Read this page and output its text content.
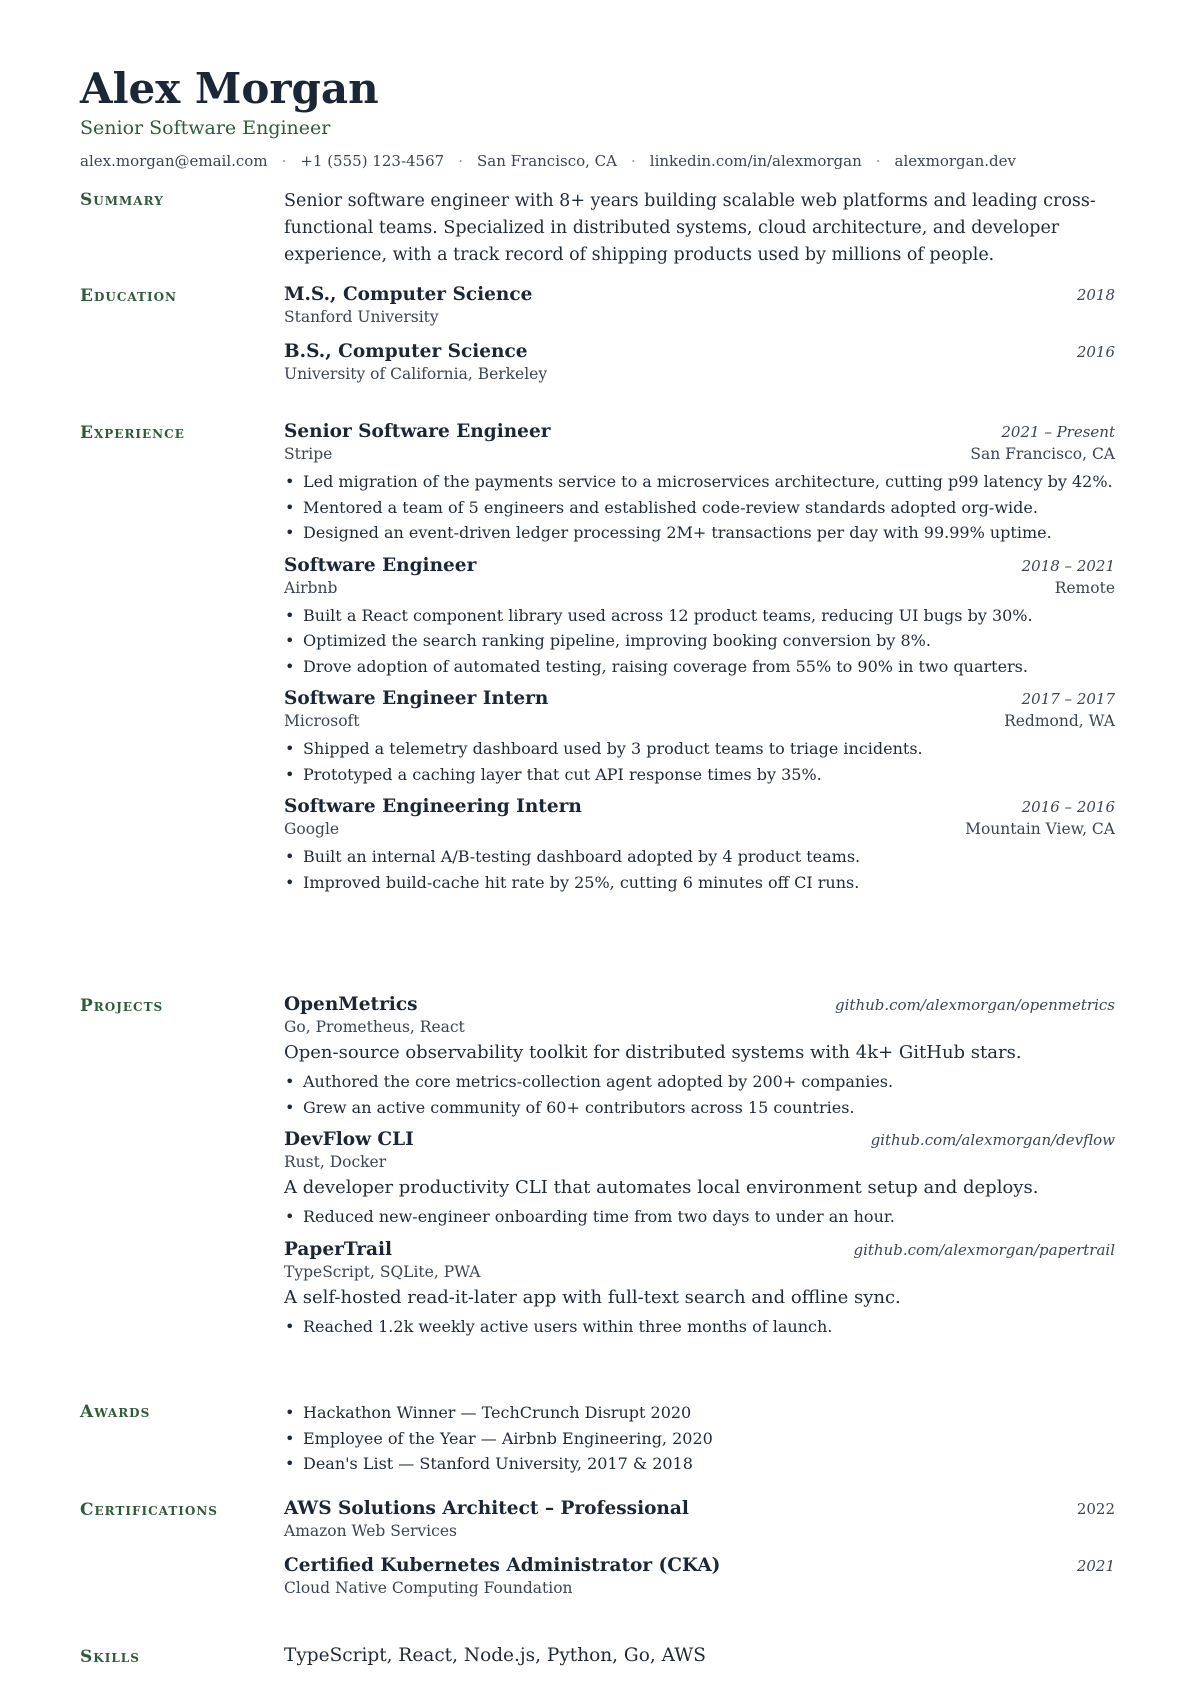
Alex Morgan
Senior Software Engineer
alex.morgan@email.com · +1 (555) 123-4567 · San Francisco, CA · linkedin.com/in/alexmorgan · alexmorgan.dev
Summary	Senior software engineer with 8+ years building scalable web platforms and leading cross-functional teams. Specialized in distributed systems, cloud architecture, and developer experience, with a track record of shipping products used by millions of people.
Education	M.S., Computer Science	2018
Stanford University
B.S., Computer Science	2016
University of California, Berkeley
Experience	Senior Software Engineer	2021 – Present
Stripe	San Francisco, CA
• Led migration of the payments service to a microservices architecture, cutting p99 latency by 42%.
• Mentored a team of 5 engineers and established code-review standards adopted org-wide.
• Designed an event-driven ledger processing 2M+ transactions per day with 99.99% uptime.
Software Engineer	2018 – 2021
Airbnb	Remote
• Built a React component library used across 12 product teams, reducing UI bugs by 30%.
• Optimized the search ranking pipeline, improving booking conversion by 8%.
• Drove adoption of automated testing, raising coverage from 55% to 90% in two quarters.
Software Engineer Intern	2017 – 2017
Microsoft	Redmond, WA
• Shipped a telemetry dashboard used by 3 product teams to triage incidents.
• Prototyped a caching layer that cut API response times by 35%.
Software Engineering Intern	2016 – 2016
Google	Mountain View, CA
• Built an internal A/B-testing dashboard adopted by 4 product teams.
• Improved build-cache hit rate by 25%, cutting 6 minutes off CI runs.
Projects	OpenMetrics	github.com/alexmorgan/openmetrics
Go, Prometheus, React
Open-source observability toolkit for distributed systems with 4k+ GitHub stars.
• Authored the core metrics-collection agent adopted by 200+ companies.
• Grew an active community of 60+ contributors across 15 countries.
DevFlow CLI	github.com/alexmorgan/devflow
Rust, Docker
A developer productivity CLI that automates local environment setup and deploys.
• Reduced new-engineer onboarding time from two days to under an hour.
PaperTrail	github.com/alexmorgan/papertrail
TypeScript, SQLite, PWA
A self-hosted read-it-later app with full-text search and offline sync.
• Reached 1.2k weekly active users within three months of launch.
Awards
•	Hackathon Winner — TechCrunch Disrupt 2020
• Employee of the Year — Airbnb Engineering, 2020
• Dean's List — Stanford University, 2017 & 2018
Certifications	AWS Solutions Architect – Professional	2022
Amazon Web Services
Certified Kubernetes Administrator (CKA)	2021
Cloud Native Computing Foundation
Skills	TypeScript, React, Node.js, Python, Go, AWS
